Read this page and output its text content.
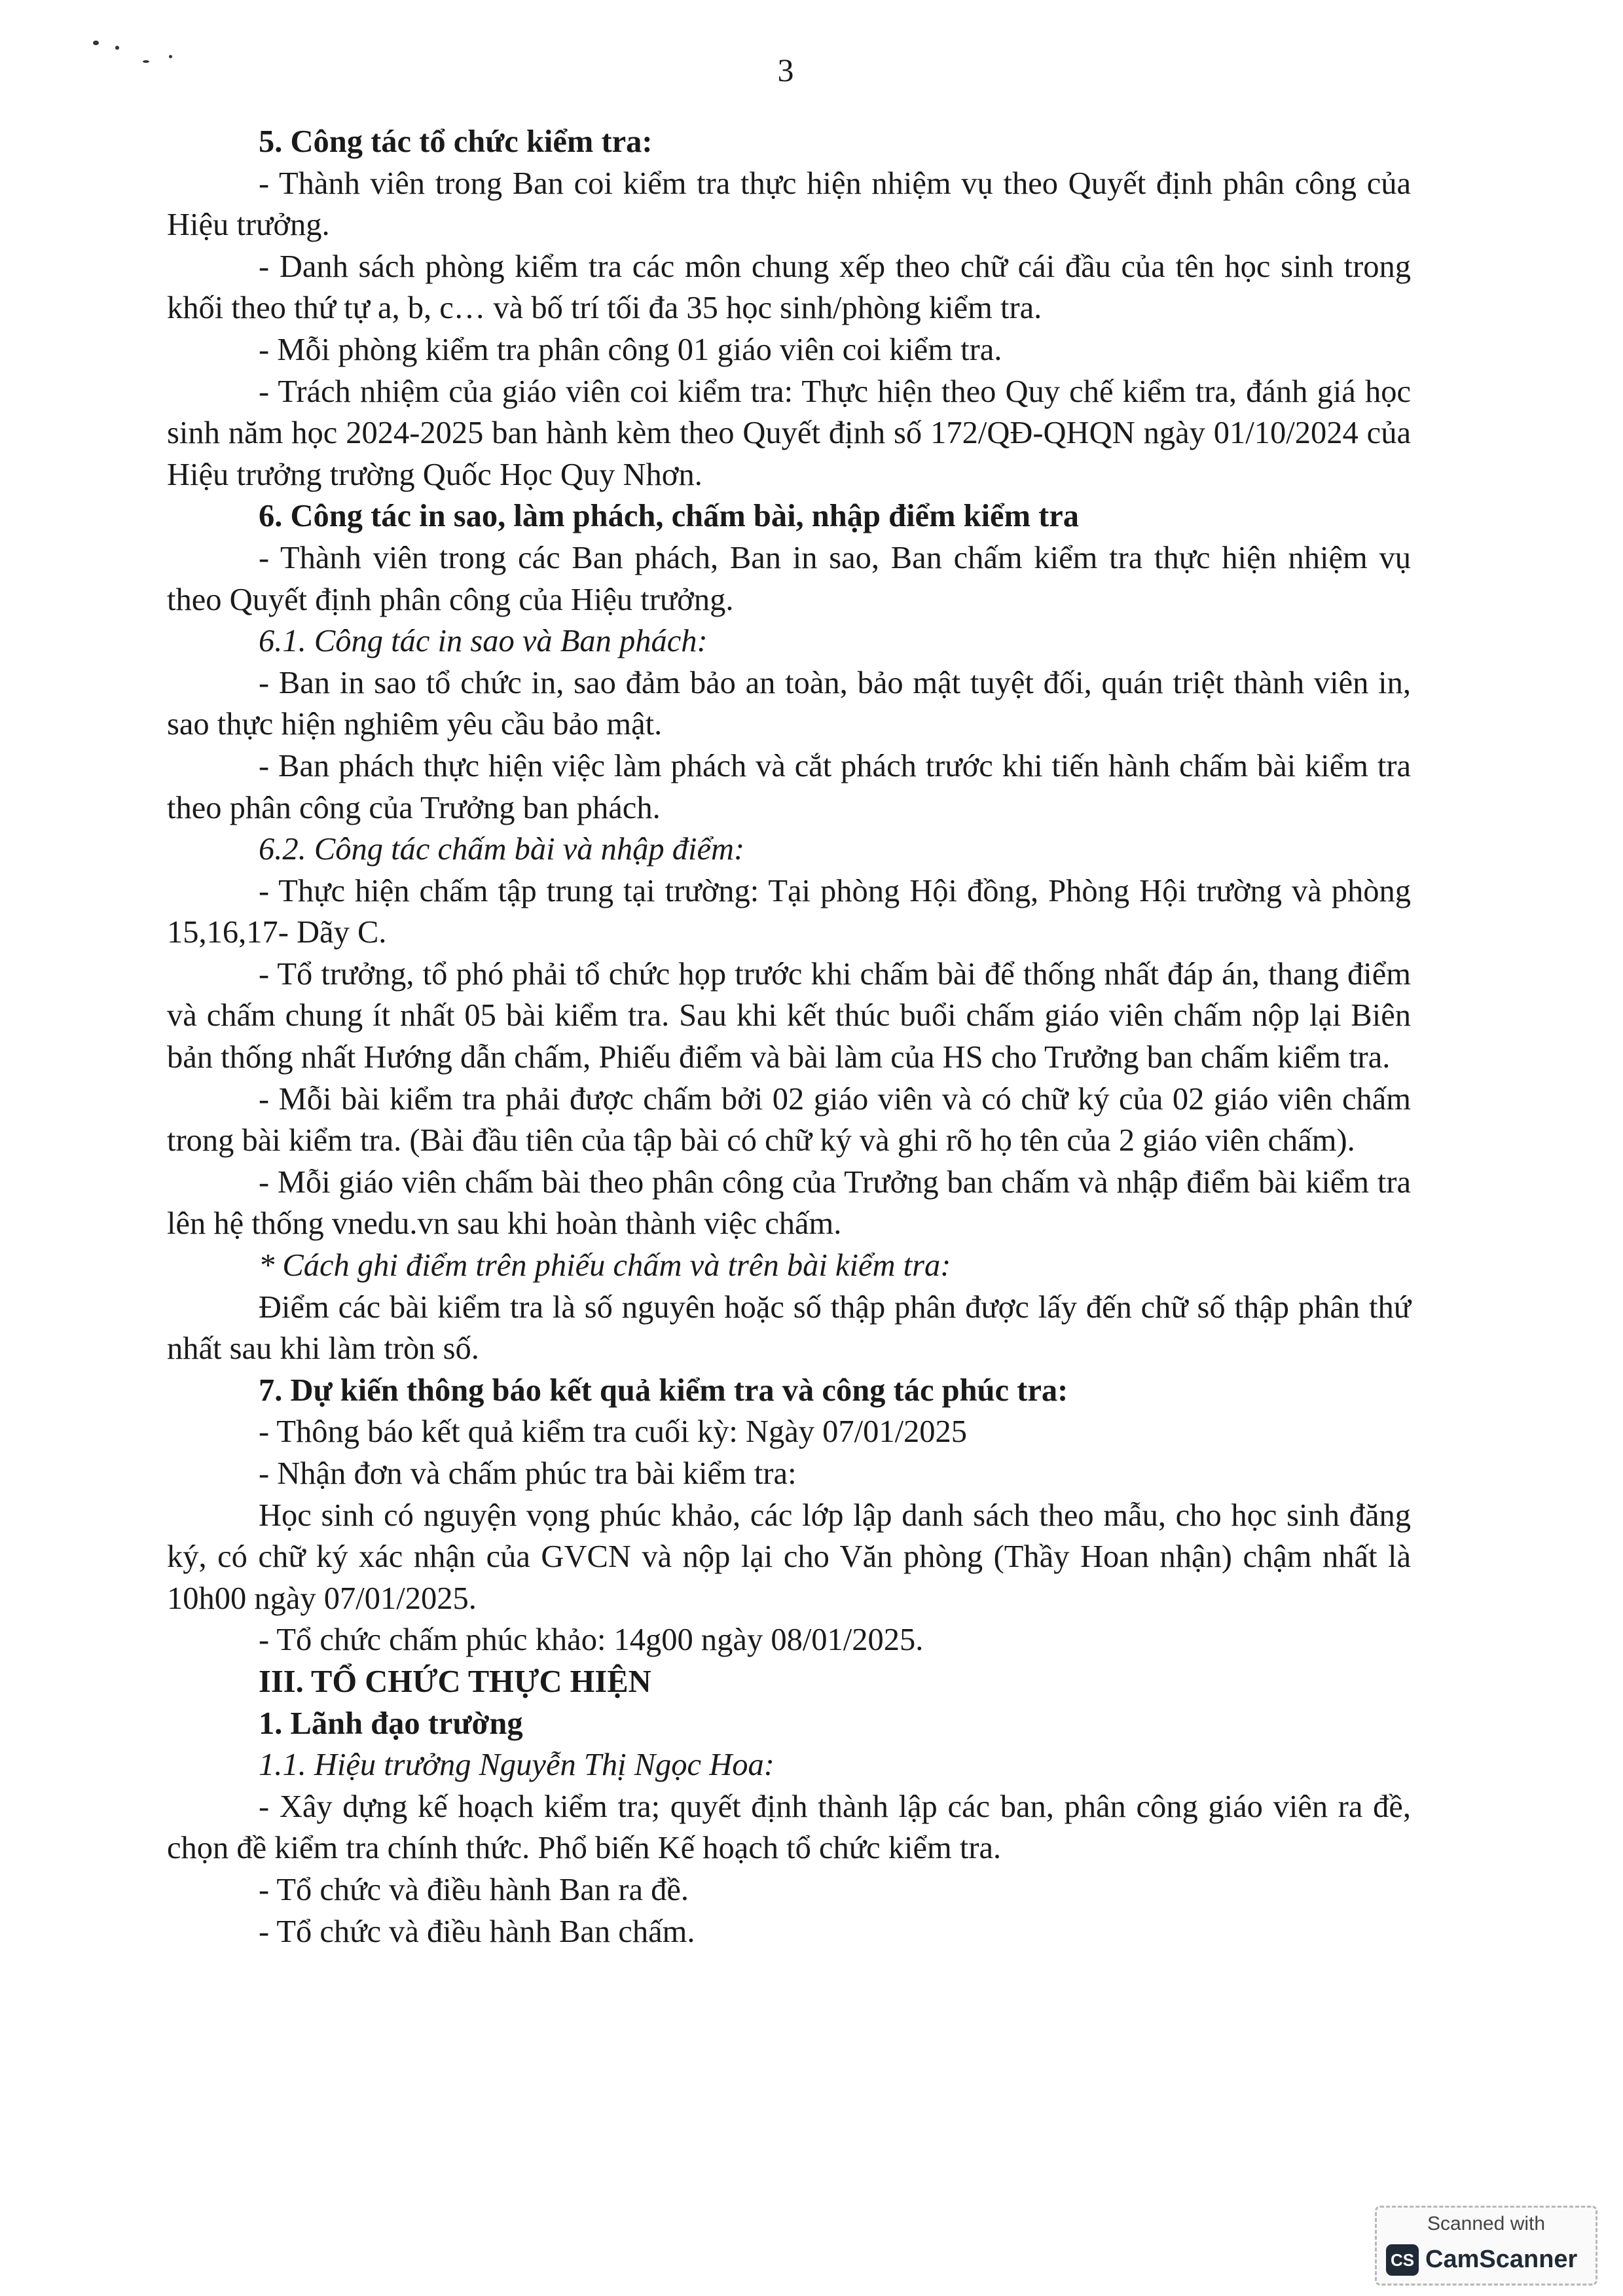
3

5. Công tác tổ chức kiểm tra:

- Thành viên trong Ban coi kiểm tra thực hiện nhiệm vụ theo Quyết định phân công của Hiệu trưởng.

- Danh sách phòng kiểm tra các môn chung xếp theo chữ cái đầu của tên học sinh trong khối theo thứ tự a, b, c… và bố trí tối đa 35 học sinh/phòng kiểm tra.

- Mỗi phòng kiểm tra phân công 01 giáo viên coi kiểm tra.

- Trách nhiệm của giáo viên coi kiểm tra: Thực hiện theo Quy chế kiểm tra, đánh giá học sinh năm học 2024-2025 ban hành kèm theo Quyết định số 172/QĐ-QHQN ngày 01/10/2024 của Hiệu trưởng trường Quốc Học Quy Nhơn.

6. Công tác in sao, làm phách, chấm bài, nhập điểm kiểm tra

- Thành viên trong các Ban phách, Ban in sao, Ban chấm kiểm tra thực hiện nhiệm vụ theo Quyết định phân công của Hiệu trưởng.

6.1. Công tác in sao và Ban phách:

- Ban in sao tổ chức in, sao đảm bảo an toàn, bảo mật tuyệt đối, quán triệt thành viên in, sao thực hiện nghiêm yêu cầu bảo mật.

- Ban phách thực hiện việc làm phách và cắt phách trước khi tiến hành chấm bài kiểm tra theo phân công của Trưởng ban phách.

6.2. Công tác chấm bài và nhập điểm:

- Thực hiện chấm tập trung tại trường: Tại phòng Hội đồng, Phòng Hội trường và phòng 15,16,17- Dãy C.

- Tổ trưởng, tổ phó phải tổ chức họp trước khi chấm bài để thống nhất đáp án, thang điểm và chấm chung ít nhất 05 bài kiểm tra. Sau khi kết thúc buổi chấm giáo viên chấm nộp lại Biên bản thống nhất Hướng dẫn chấm, Phiếu điểm và bài làm của HS cho Trưởng ban chấm kiểm tra.

- Mỗi bài kiểm tra phải được chấm bởi 02 giáo viên và có chữ ký của 02 giáo viên chấm trong bài kiểm tra. (Bài đầu tiên của tập bài có chữ ký và ghi rõ họ tên của 2 giáo viên chấm).

- Mỗi giáo viên chấm bài theo phân công của Trưởng ban chấm và nhập điểm bài kiểm tra lên hệ thống vnedu.vn sau khi hoàn thành việc chấm.

* Cách ghi điểm trên phiếu chấm và trên bài kiểm tra:

Điểm các bài kiểm tra là số nguyên hoặc số thập phân được lấy đến chữ số thập phân thứ nhất sau khi làm tròn số.

7. Dự kiến thông báo kết quả kiểm tra và công tác phúc tra:

- Thông báo kết quả kiểm tra cuối kỳ: Ngày 07/01/2025

- Nhận đơn và chấm phúc tra bài kiểm tra:

Học sinh có nguyện vọng phúc khảo, các lớp lập danh sách theo mẫu, cho học sinh đăng ký, có chữ ký xác nhận của GVCN và nộp lại cho Văn phòng (Thầy Hoan nhận) chậm nhất là 10h00 ngày 07/01/2025.

- Tổ chức chấm phúc khảo: 14g00 ngày 08/01/2025.

III. TỔ CHỨC THỰC HIỆN

1. Lãnh đạo trường

1.1. Hiệu trưởng Nguyễn Thị Ngọc Hoa:

- Xây dựng kế hoạch kiểm tra; quyết định thành lập các ban, phân công giáo viên ra đề, chọn đề kiểm tra chính thức. Phổ biến Kế hoạch tổ chức kiểm tra.

- Tổ chức và điều hành Ban ra đề.

- Tổ chức và điều hành Ban chấm.

Scanned with
CS CamScanner
